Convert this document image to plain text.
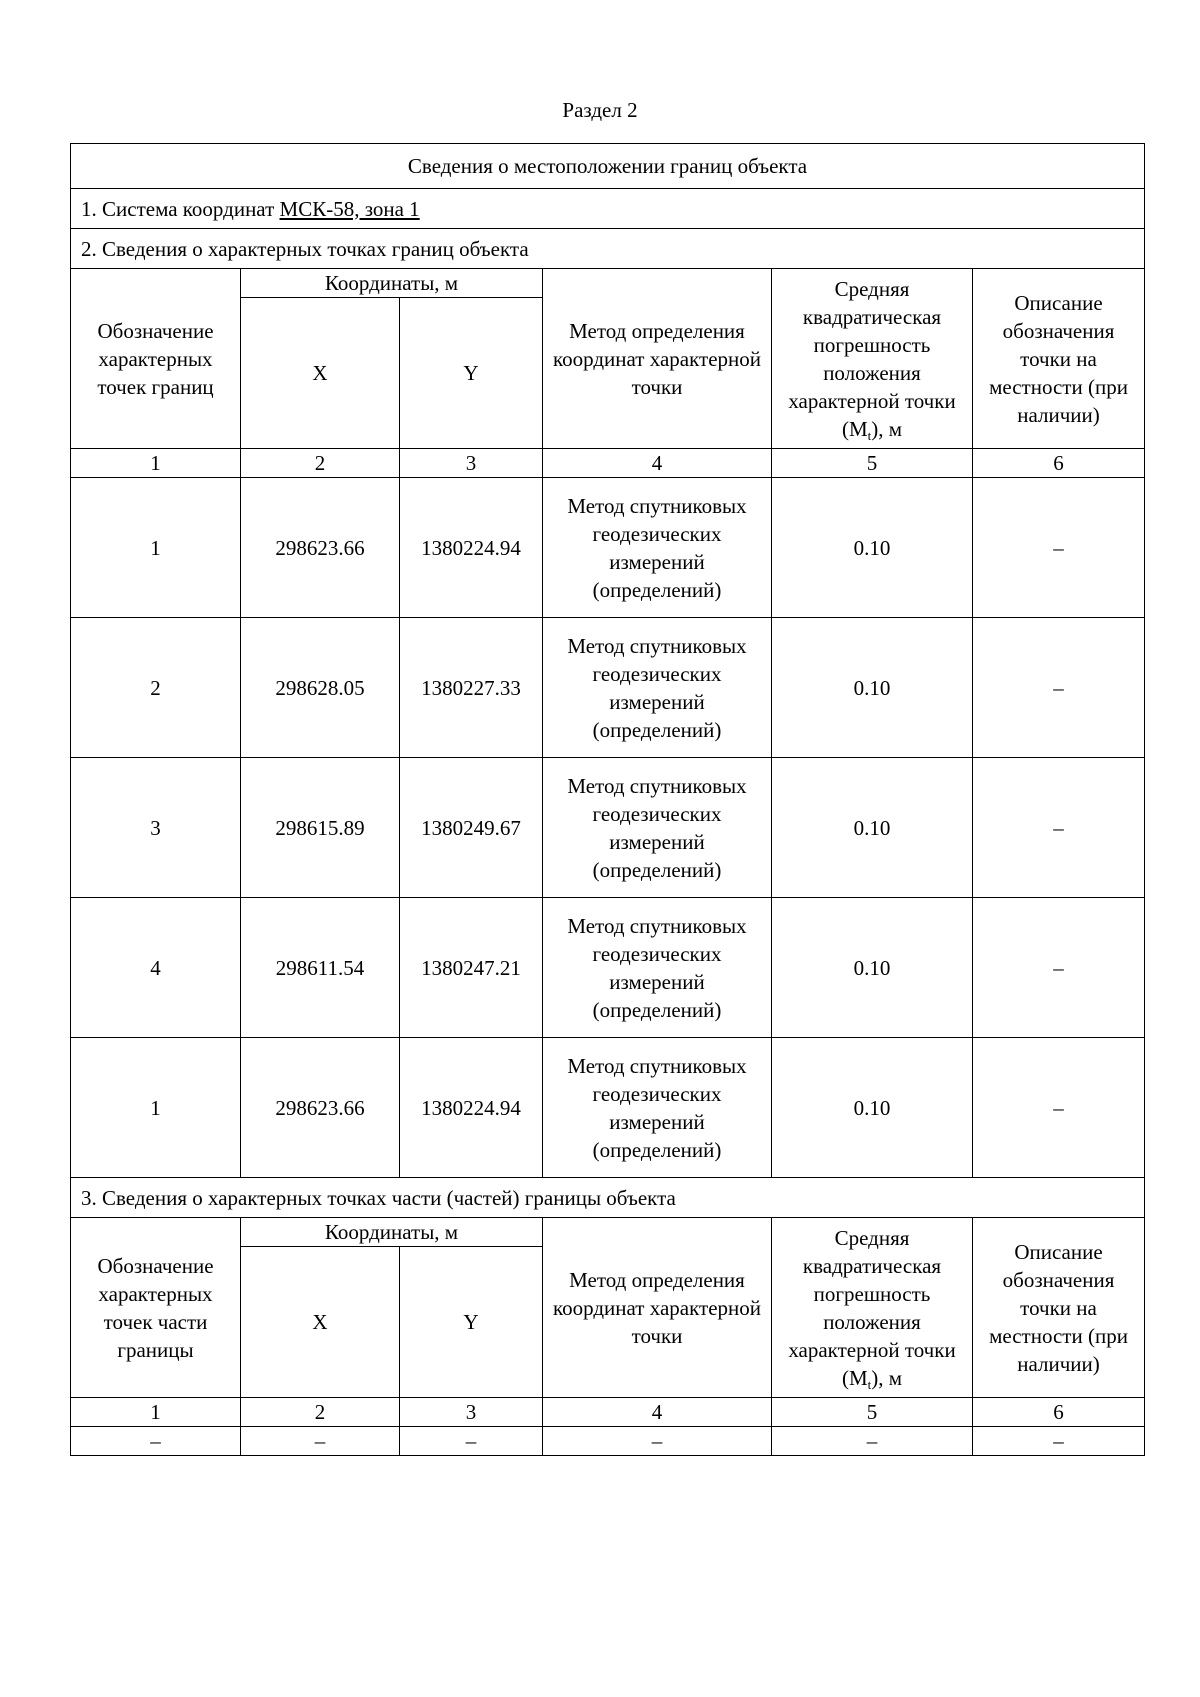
Раздел 2
Сведения о местоположении границ объекта					
1. Система координат МСК-58, зона 1					
2. Сведения о характерных точках границ объекта					
Обозначение характерных точек границ	Координаты, м		Метод определения координат характерной точки	Средняя квадратическая погрешность положения характерной точки $(M_t)$, м	Описание обозначения точки на местности (при наличии)
	X	Y			
1	2	3	4	5	6
1	298623.66	1380224.94	Метод спутниковых геодезических измерений (определений)	0.10	–
2	298628.05	1380227.33	Метод спутниковых геодезических измерений (определений)	0.10	–
3	298615.89	1380249.67	Метод спутниковых геодезических измерений (определений)	0.10	–
4	298611.54	1380247.21	Метод спутниковых геодезических измерений (определений)	0.10	–
1	298623.66	1380224.94	Метод спутниковых геодезических измерений (определений)	0.10	–
3. Сведения о характерных точках части (частей) границы объекта					
Обозначение характерных точек части границы	Координаты, м		Метод определения координат характерной точки	Средняя квадратическая погрешность положения характерной точки $(M_t)$, м	Описание обозначения точки на местности (при наличии)
	X	Y			
1	2	3	4	5	6
–	–	–	–	–	–
